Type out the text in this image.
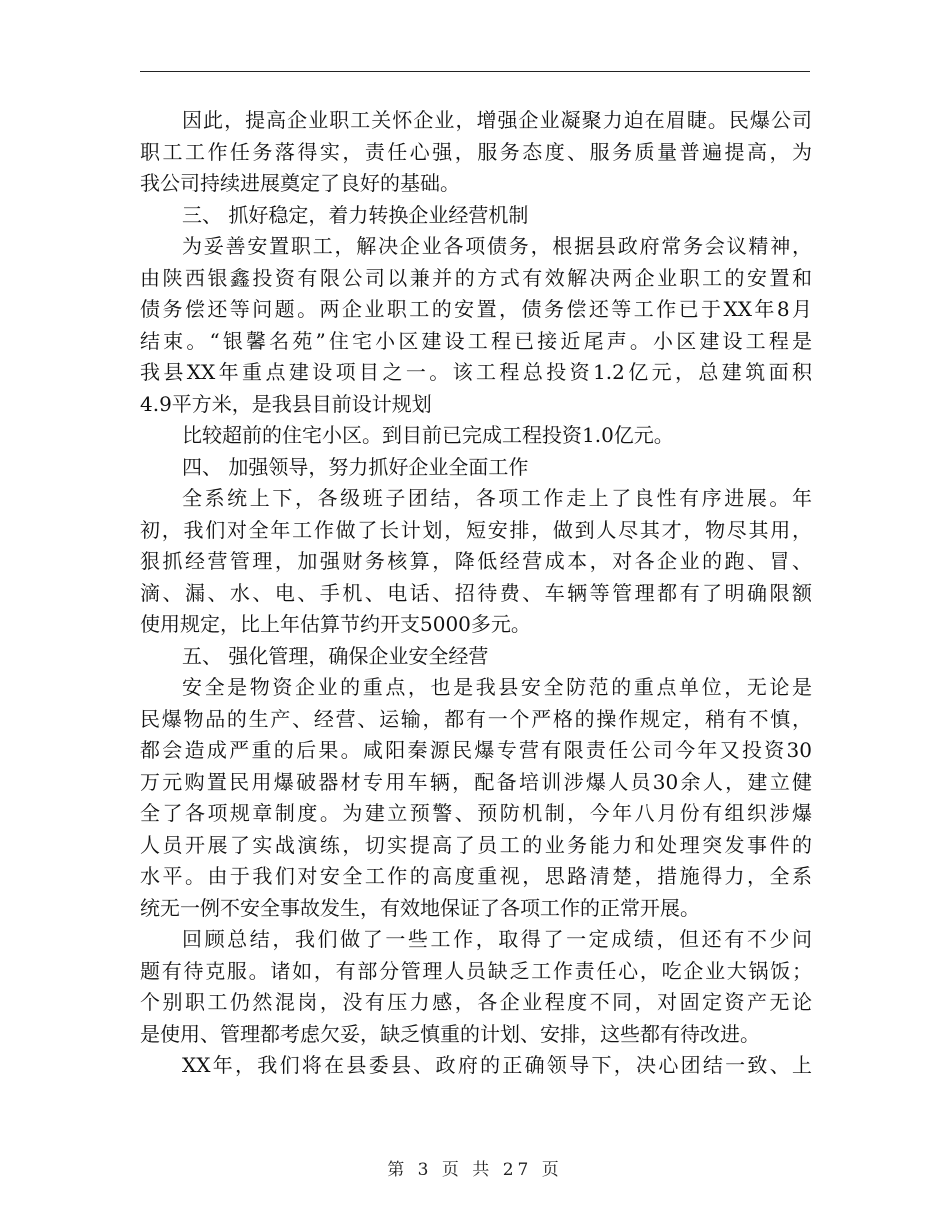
因此，提高企业职工关怀企业，增强企业凝聚力迫在眉睫。民爆公司
职工工作任务落得实，责任心强，服务态度、服务质量普遍提高，为
我公司持续进展奠定了良好的基础。
三、 抓好稳定，着力转换企业经营机制
为妥善安置职工，解决企业各项债务，根据县政府常务会议精神，
由陕西银鑫投资有限公司以兼并的方式有效解决两企业职工的安置和
债务偿还等问题。两企业职工的安置，债务偿还等工作已于XX年8月
结束。“银馨名苑”住宅小区建设工程已接近尾声。小区建设工程是
我县XX年重点建设项目之一。该工程总投资1.2亿元，总建筑面积
4.9平方米，是我县目前设计规划
比较超前的住宅小区。到目前已完成工程投资1.0亿元。
四、 加强领导，努力抓好企业全面工作
全系统上下，各级班子团结，各项工作走上了良性有序进展。年
初，我们对全年工作做了长计划，短安排，做到人尽其才，物尽其用，
狠抓经营管理，加强财务核算，降低经营成本，对各企业的跑、冒、
滴、漏、水、电、手机、电话、招待费、车辆等管理都有了明确限额
使用规定，比上年估算节约开支5000多元。
五、 强化管理，确保企业安全经营
安全是物资企业的重点，也是我县安全防范的重点单位，无论是
民爆物品的生产、经营、运输，都有一个严格的操作规定，稍有不慎，
都会造成严重的后果。咸阳秦源民爆专营有限责任公司今年又投资30
万元购置民用爆破器材专用车辆，配备培训涉爆人员30余人，建立健
全了各项规章制度。为建立预警、预防机制，今年八月份有组织涉爆
人员开展了实战演练，切实提高了员工的业务能力和处理突发事件的
水平。由于我们对安全工作的高度重视，思路清楚，措施得力，全系
统无一例不安全事故发生，有效地保证了各项工作的正常开展。
回顾总结，我们做了一些工作，取得了一定成绩，但还有不少问
题有待克服。诸如，有部分管理人员缺乏工作责任心，吃企业大锅饭；
个别职工仍然混岗，没有压力感，各企业程度不同，对固定资产无论
是使用、管理都考虑欠妥，缺乏慎重的计划、安排，这些都有待改进。
XX年，我们将在县委县、政府的正确领导下，决心团结一致、上
第 3 页 共 27 页
